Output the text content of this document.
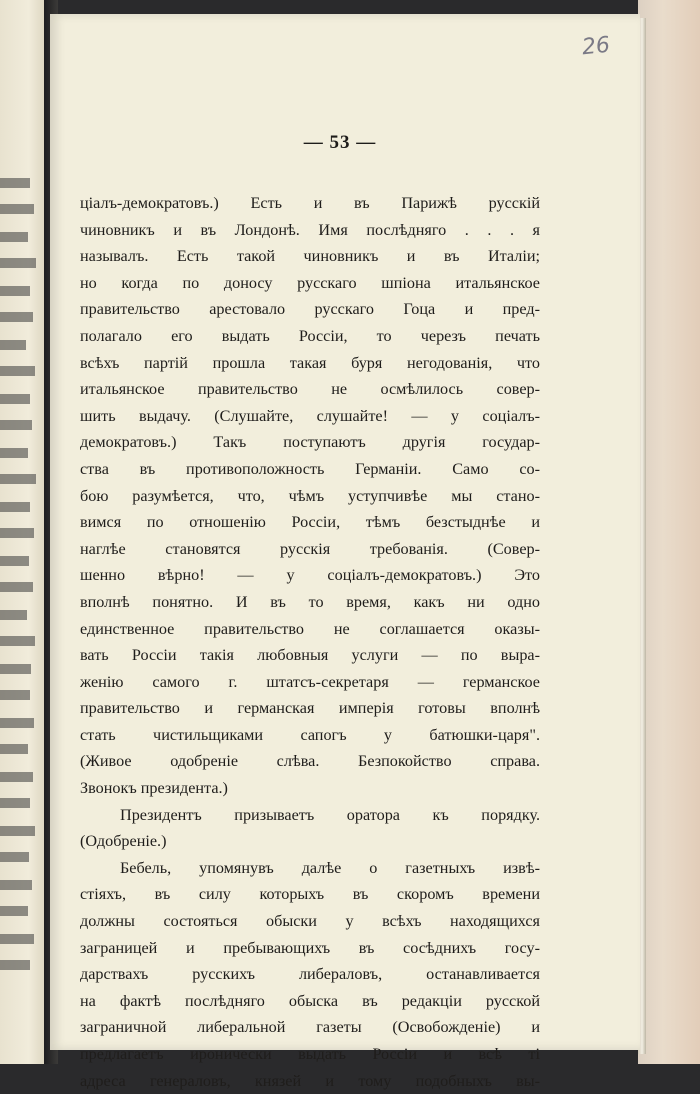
26
— 53 —
ціалъ-демократовъ.) Есть и въ Парижѣ русскій
чиновникъ и въ Лондонѣ. Имя послѣдняго . . . я
называлъ. Есть такой чиновникъ и въ Италіи;
но когда по доносу русскаго шпіона итальянское
правительство арестовало русскаго Гоца и пред-
полагало его выдать Россіи, то черезъ печать
всѣхъ партій прошла такая буря негодованія, что
итальянское правительство не осмѣлилось совер-
шить выдачу. (Слушайте, слушайте! — у соціалъ-
демократовъ.) Такъ поступаютъ другія государ-
ства въ противоположность Германіи. Само со-
бою разумѣется, что, чѣмъ уступчивѣе мы стано-
вимся по отношенію Россіи, тѣмъ безстыднѣе и
наглѣе становятся русскія требованія. (Совер-
шенно вѣрно! — у соціалъ-демократовъ.) Это
вполнѣ понятно. И въ то время, какъ ни одно
единственное правительство не соглашается оказы-
вать Россіи такія любовныя услуги — по выра-
женію самого г. штатсъ-секретаря — германское
правительство и германская имперія готовы вполнѣ
стать чистильщиками сапогъ у батюшки-царя".
(Живое одобреніе слѣва. Безпокойство справа.
Звонокъ президента.)
Президентъ призываетъ оратора къ порядку.
(Одобреніе.)
Бебель, упомянувъ далѣе о газетныхъ извѣ-
стіяхъ, въ силу которыхъ въ скоромъ времени
должны состояться обыски у всѣхъ находящихся
заграницей и пребывающихъ въ сосѣднихъ госу-
дарствахъ русскихъ либераловъ, останавливается
на фактѣ послѣдняго обыска въ редакціи русской
заграничной либеральной газеты (Освобожденіе) и
предлагаетъ иронически выдать Россіи и всѣ ті
адреса генераловъ, князей и тому подобныхъ вы-
